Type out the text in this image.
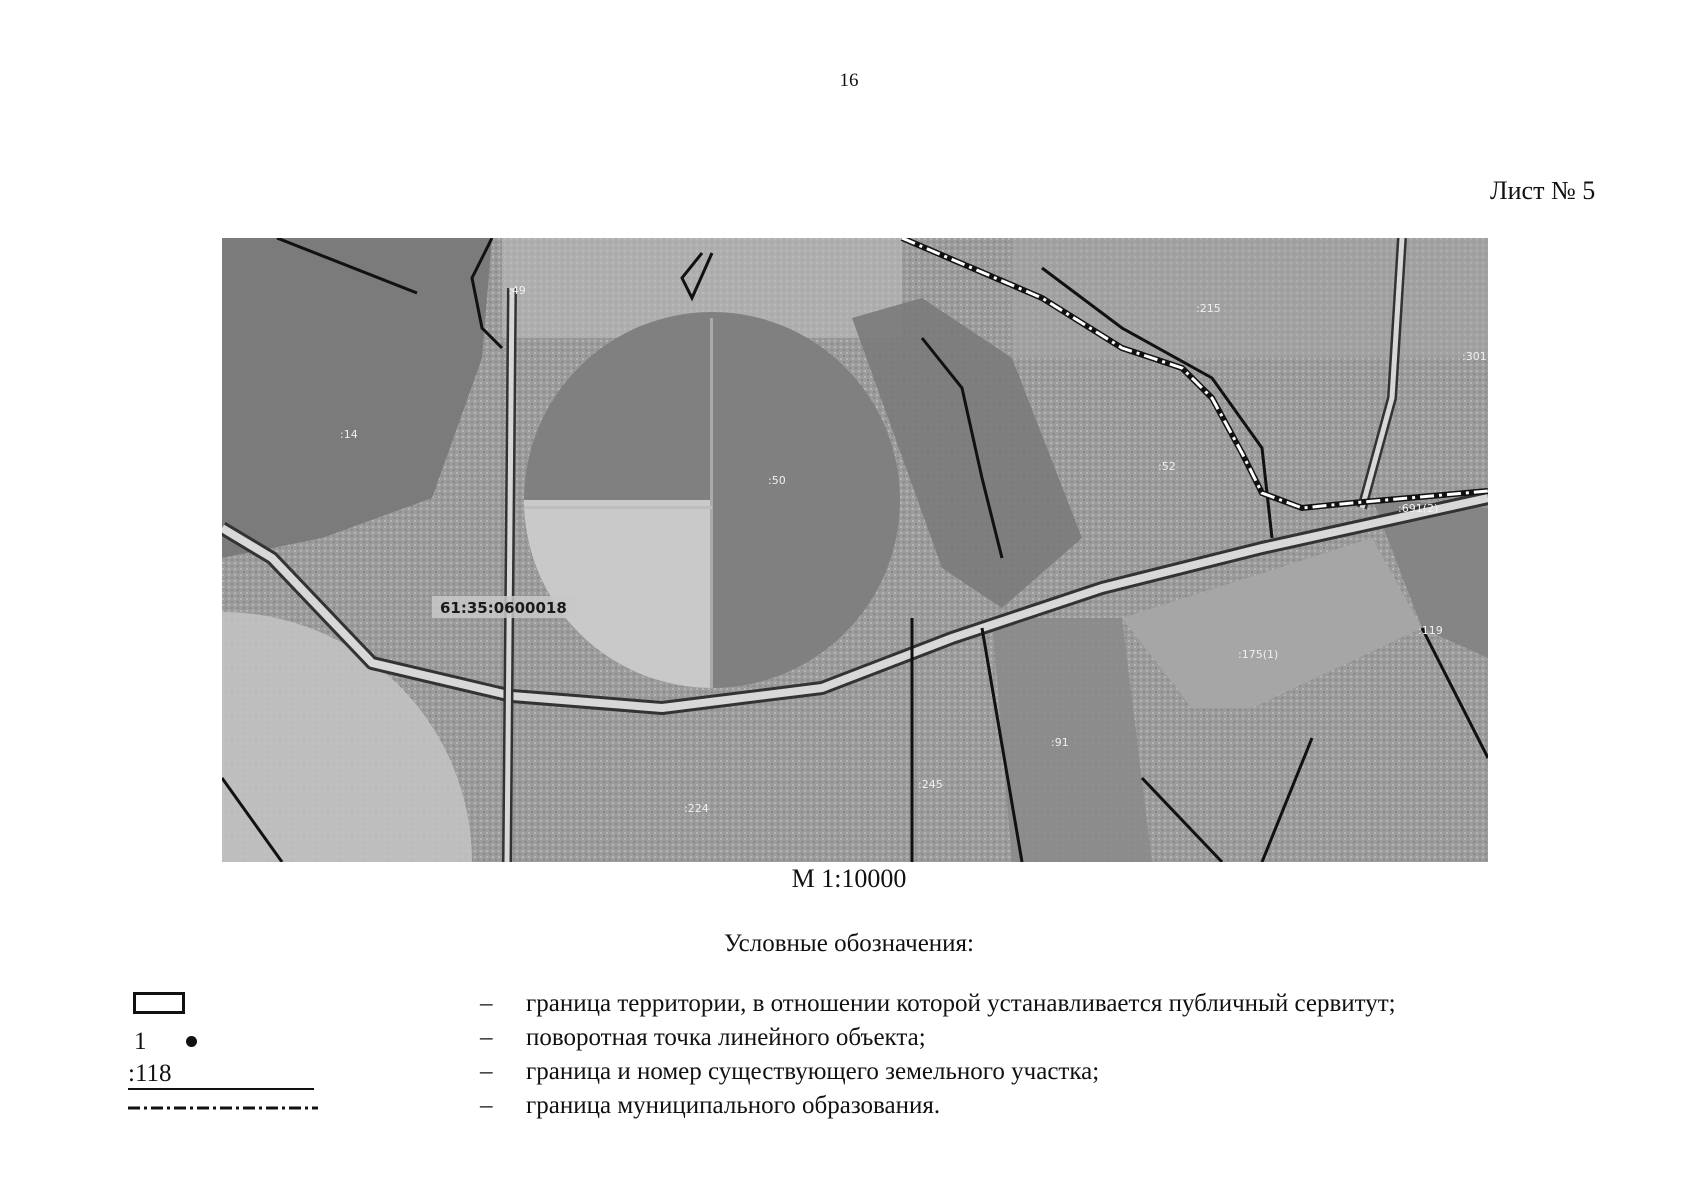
16
Лист № 5
:49
:14
:50
:215
:301
:52
:691(2)
:119
:175(1)
:91
:245
:224
61:35:0600018
М 1:10000
Условные обозначения:
– граница территории, в отношении которой устанавливается публичный сервитут;
1	– поворотная точка линейного объекта;
:118	– граница и номер существующего земельного участка;
– граница муниципального образования.
